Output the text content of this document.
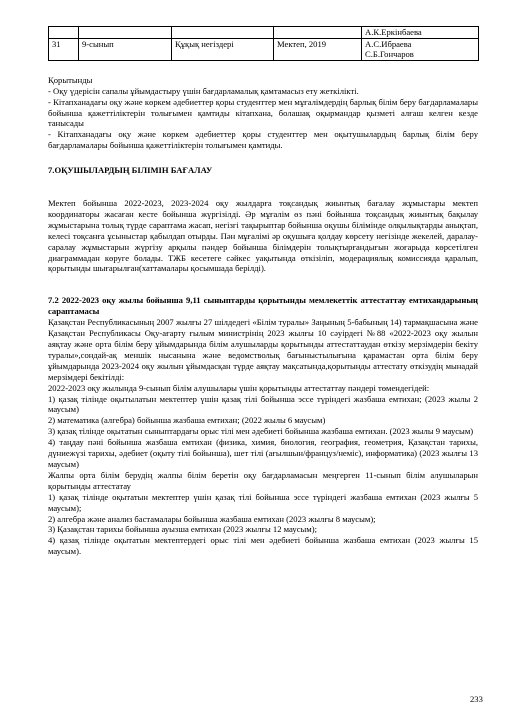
				А.К.Еркінбаева
31	9-сынып	Құқық негіздері	Мектеп, 2019	А.С.Ибраева
С.Б.Гончаров

Қорытынды

- Оқу үдерісін сапалы ұйымдастыру үшін бағдарламалық қамтамасыз ету жеткілікті.

- Кітапханадағы оқу және көркем әдебиеттер қоры студенттер мен мұғалімдердің барлық білім беру бағдарламалары бойынша қажеттіліктерін толығымен қамтиды кітапхана, болашақ оқырмандар қызметі алғаш келген кезде танысады

- Кітапханадағы оқу және көркем әдебиеттер қоры студенттер мен оқытушылардың барлық білім беру бағдарламалары бойынша қажеттіліктерін толығымен қамтиды.

7.ОҚУШЫЛАРДЫҢ БІЛІМІН БАҒАЛАУ

Мектеп бойынша 2022-2023, 2023-2024 оқу жылдарға тоқсандық жиынтық бағалау жұмыстары мектеп координаторы жасаған кесте бойынша жүргізілді. Әр мұғалім өз пәні бойынша тоқсандық жиынтық бақылау жұмыстарына толық түрде сараптама жасап, негізгі тақырыптар бойынша оқушы білімінде олқылықтарды анықтап, келесі тоқсанға ұсыныстар қабылдап отырды. Пән мұғалімі әр оқушыға қолдау көрсету негізінде жекелей, даралау-саралау жұмыстарын жүргізу арқылы пәндер бойынша білімдерін толықтырғандығын жоғарыда көрсетілген диаграммадан көруге болады. ТЖБ кесетеге сәйкес уақытында өткізіліп, модерациялық комиссияда қаралып, қорытынды шығарылған(хаттамалары қосымшада берілді).

7.2 2022-2023 оқу жылы бойынша 9,11 сыныптарды қорытынды мемлекеттік аттестаттау емтихандарының сараптамасы

Қазақстан Республикасының 2007 жылғы 27 шілдедегі «Білім туралы» Заңының 5-бабының 14) тармақшасына және Қазақстан Республикасы Оқу-ағарту ғылым министрінің 2023 жылғы 10 сәуірдегі №88 «2022-2023 оқу жылын аяқтау және орта білім беру ұйымдарында білім алушыларды қорытынды аттестаттаудан өткізу мерзімдерін бекіту туралы»,сондай-ақ меншік нысанына және ведомстволық бағыныстылығына қарамастан орта білім беру ұйымдарында 2023-2024 оқу жылын ұйымдасқан түрде аяқтау мақсатында,қорытынды аттестату өткізудің мынадай мерзімдері бекітілді:

2022-2023 оқу жылында 9-сынып білім алушылары үшін қорытынды аттестаттау пәндері төмендегідей:

1) қазақ тілінде оқытылатын мектептер үшін қазақ тілі бойынша эссе түріндегі жазбаша емтихан; (2023 жылы 2 маусым)

2) математика (алгебра) бойынша жазбаша емтихан; (2022 жылы 6 маусым)

3) қазақ тілінде оқытатын сыныптардағы орыс тілі мен әдебиеті бойынша жазбаша емтихан. (2023 жылы 9 маусым)

4) таңдау пәні бойынша жазбаша емтихан (физика, химия, биология, география, геометрия, Қазақстан тарихы, дүниежүзі тарихы, әдебиет (оқыту тілі бойынша), шет тілі (ағылшын/француз/неміс), информатика) (2023 жылғы 13 маусым)

Жалпы орта білім берудің жалпы білім беретін оқу бағдарламасын меңгерген 11-сынып білім алушыларын қорытынды аттестатау

1) қазақ тілінде оқытатын мектептер үшін қазақ тілі бойынша эссе түріндегі жазбаша емтихан (2023 жылғы 5 маусым);

2) алгебра және анализ бастамалары бойынша жазбаша емтихан (2023 жылғы 8 маусым);

3) Қазақстан тарихы бойынша ауызша емтихан (2023 жылғы 12 маусым);

4) қазақ тілінде оқытатын мектептердегі орыс тілі мен әдебиеті бойынша жазбаша емтихан (2023 жылғы 15 маусым).

233
